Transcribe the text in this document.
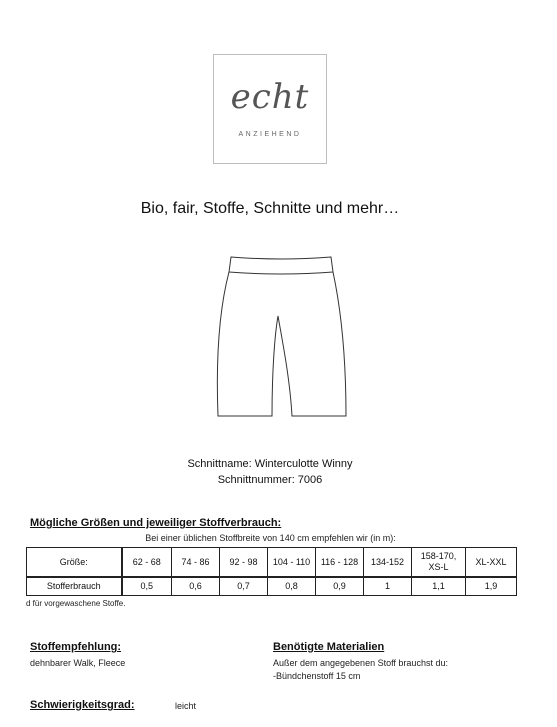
echt
ANZIEHEND
Bio, fair, Stoffe, Schnitte und mehr…
Schnittname: Winterculotte Winny
Schnittnummer: 7006
Mögliche Größen und jeweiliger Stoffverbrauch:
Bei einer üblichen Stoffbreite von 140 cm empfehlen wir (in m):
Größe:	62 - 68	74 - 86	92 - 98	104 - 110	116 - 128	134-152	158-170,
XS-L	XL-XXL
Stofferbrauch	0,5	0,6	0,7	0,8	0,9	1	1,1	1,9
d für vorgewaschene Stoffe.
Stoffempfehlung:
dehnbarer Walk, Fleece
Benötigte Materialien
Außer dem angegebenen Stoff brauchst du:
-Bündchenstoff 15 cm
Schwierigkeitsgrad:	leicht
